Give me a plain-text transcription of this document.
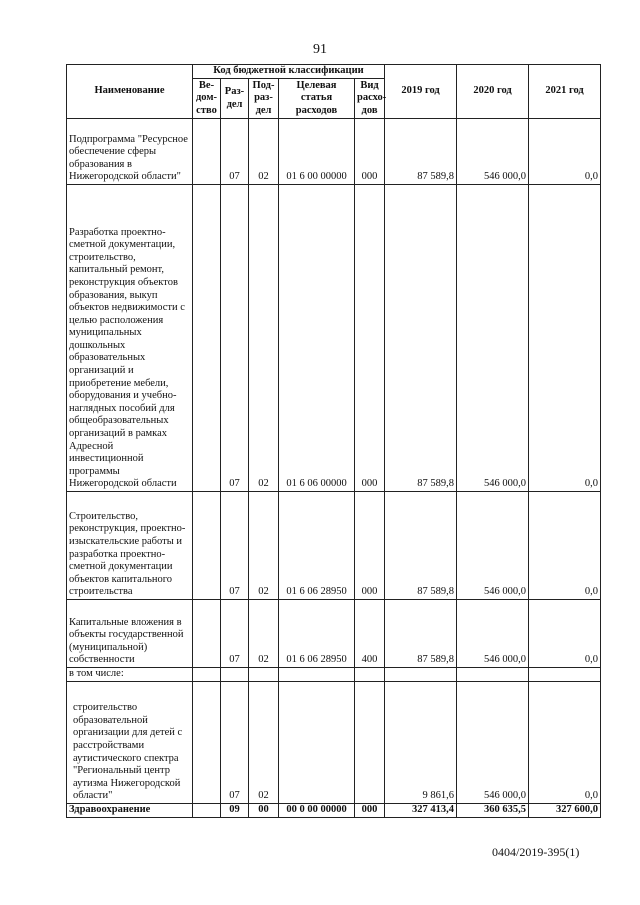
91
Наименование	Код бюджетной классификации					2019 год	2020 год	2021 год
	Ве-дом-ство	Раз-дел	Под-раз-дел	Целевая статья расходов	Вид расхо-дов			
Подпрограмма "Ресурсное обеспечение сферы образования в Нижегородской области"		07	02	01 6 00 00000	000	87 589,8	546 000,0	0,0
Разработка проектно-сметной документации, строительство, капитальный ремонт, реконструкция объектов образования, выкуп объектов недвижимости с целью расположения муниципальных дошкольных образовательных организаций и приобретение мебели, оборудования и учебно-наглядных пособий для общеобразовательных организаций в рамках Адресной инвестиционной программы Нижегородской области		07	02	01 6 06 00000	000	87 589,8	546 000,0	0,0
Строительство, реконструкция, проектно-изыскательские работы и разработка проектно-сметной документации объектов капитального строительства		07	02	01 6 06 28950	000	87 589,8	546 000,0	0,0
Капитальные вложения в объекты государственной (муниципальной) собственности		07	02	01 6 06 28950	400	87 589,8	546 000,0	0,0
в том числе:								
строительство образовательной организации для детей с расстройствами аутистического спектра "Региональный центр аутизма Нижегородской области"		07	02			9 861,6	546 000,0	0,0
Здравоохранение		09	00	00 0 00 00000	000	327 413,4	360 635,5	327 600,0
0404/2019-395(1)
